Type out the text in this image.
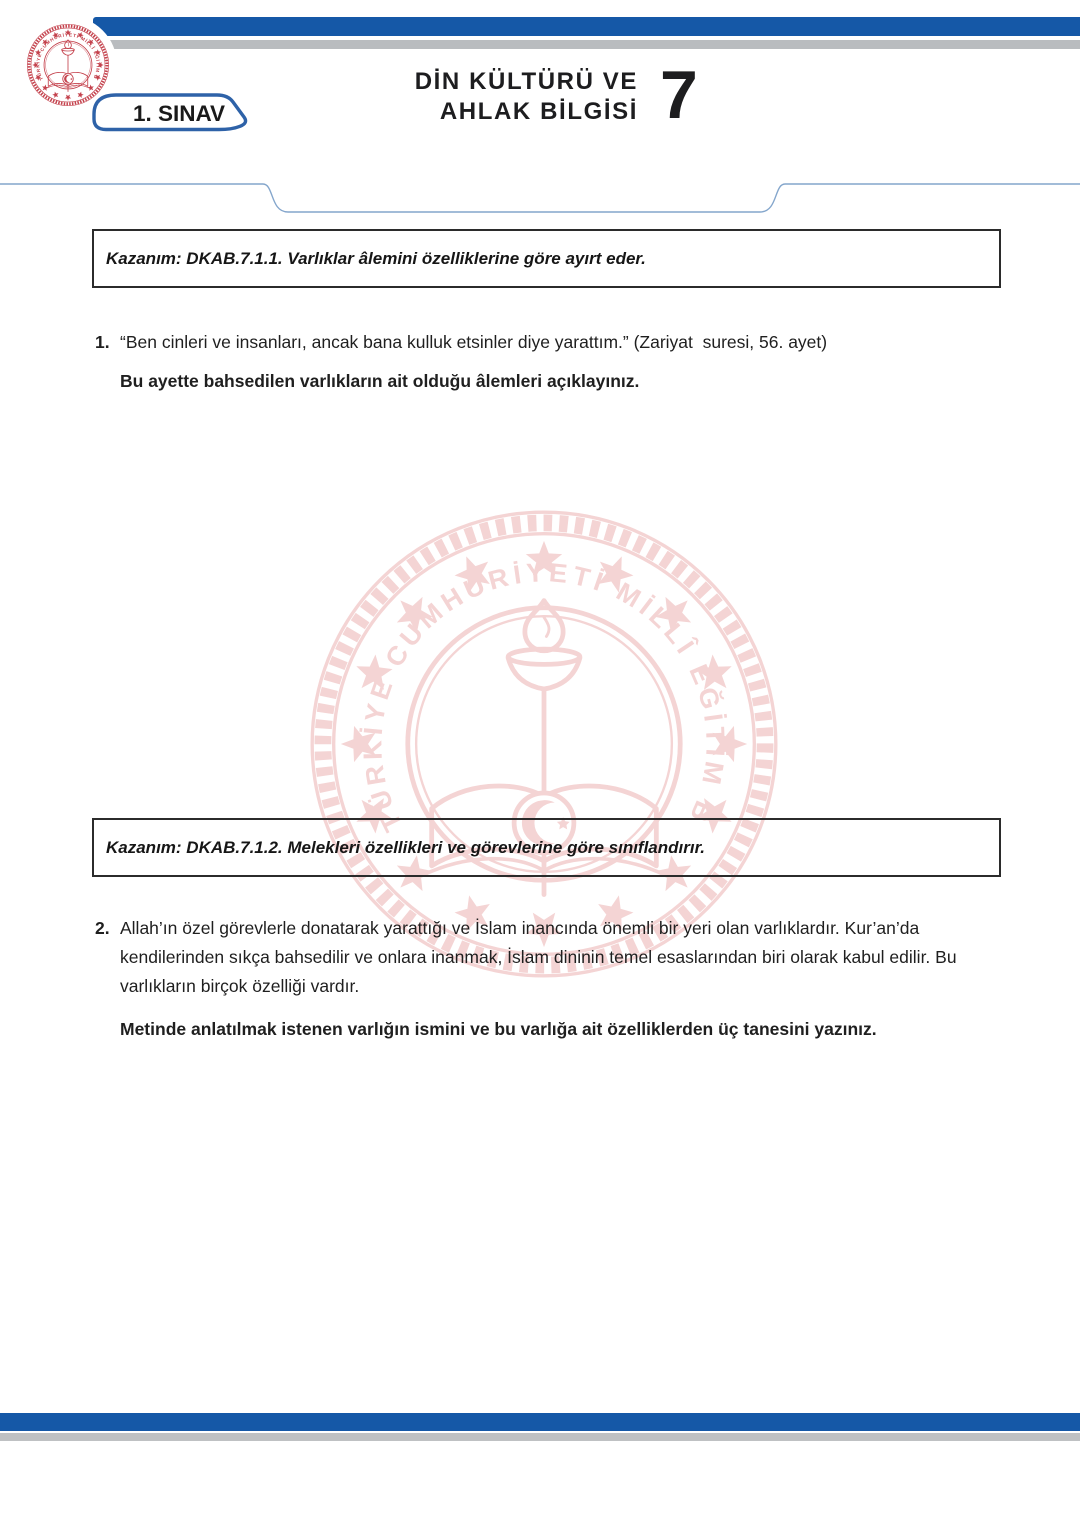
1. SINAV
DİN KÜLTÜRÜ VE
AHLAK BİLGİSİ 7
Kazanım: DKAB.7.1.1. Varlıklar âlemini özelliklerine göre ayırt eder.
1. “Ben cinleri ve insanları, ancak bana kulluk etsinler diye yarattım.” (Zariyat  suresi, 56. ayet)

Bu ayette bahsedilen varlıkların ait olduğu âlemleri açıklayınız.

Kazanım: DKAB.7.1.2. Melekleri özellikleri ve görevlerine göre sınıflandırır.
2. Allah’ın özel görevlerle donatarak yarattığı ve İslam inancında önemli bir yeri olan varlıklardır. Kur’an’da kendilerinden sıkça bahsedilir ve onlara inanmak, İslam dininin temel esaslarından biri olarak kabul edilir. Bu varlıkların birçok özelliği vardır.

Metinde anlatılmak istenen varlığın ismini ve bu varlığa ait özelliklerden üç tanesini yazınız.
